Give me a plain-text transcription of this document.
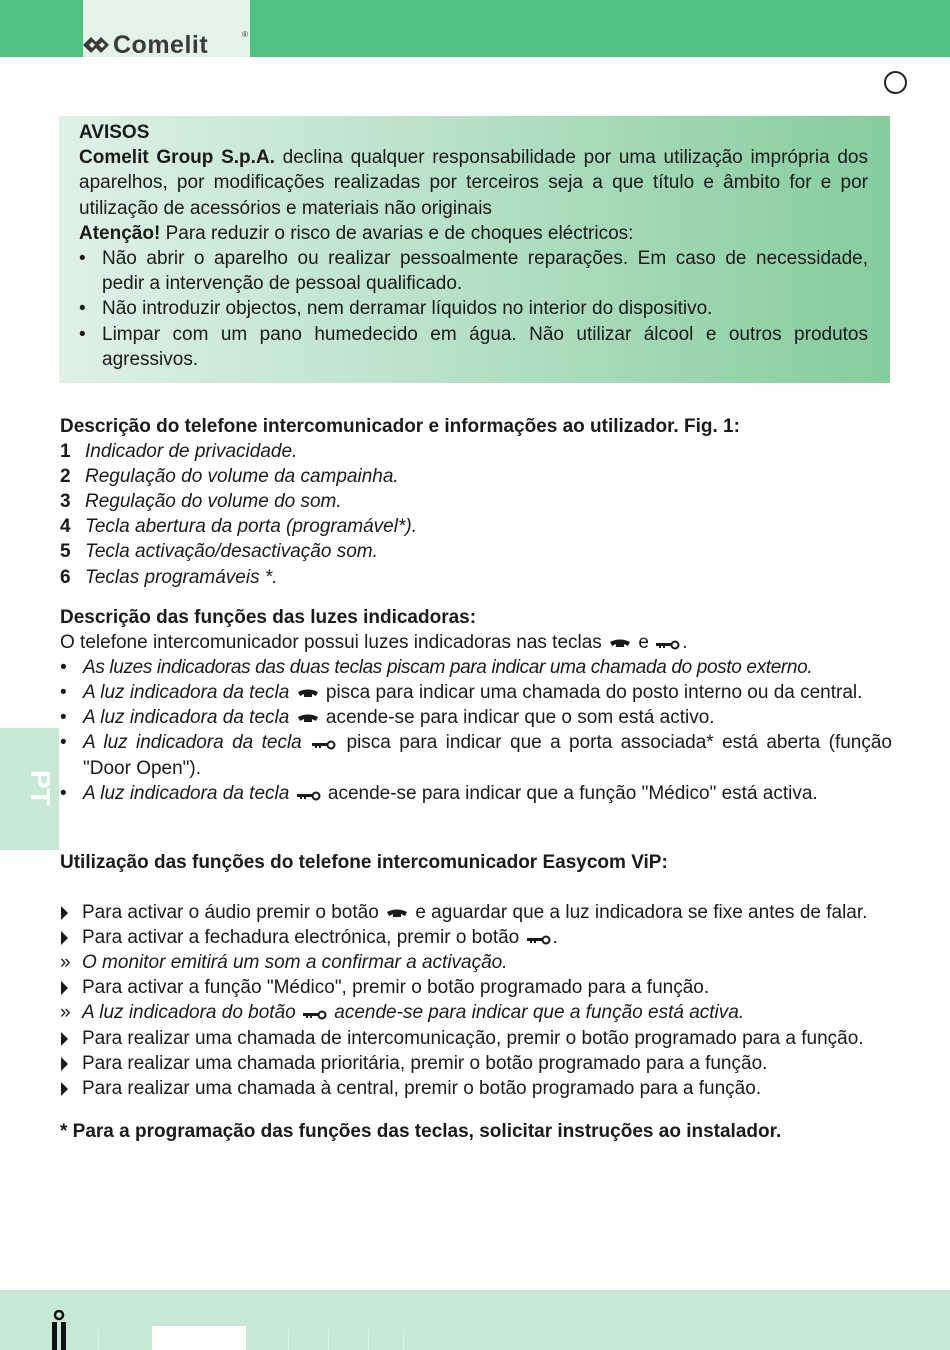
Comelit	®

AVISOS

Comelit Group S.p.A. declina qualquer responsabilidade por uma utilização imprópria dos aparelhos, por modificações realizadas por terceiros seja a que título e âmbito for e por utilização de acessórios e materiais não originais

Atenção! Para reduzir o risco de avarias e de choques eléctricos:

• Não abrir o aparelho ou realizar pessoalmente reparações. Em caso de necessidade, pedir a intervenção de pessoal qualificado.

• Não introduzir objectos, nem derramar líquidos no interior do dispositivo.

• Limpar com um pano humedecido em água. Não utilizar álcool e outros produtos agressivos.

Descrição do telefone intercomunicador e informações ao utilizador. Fig. 1:

1 Indicador de privacidade.

2 Regulação do volume da campainha.

3 Regulação do volume do som.

4 Tecla abertura da porta (programável*).

5 Tecla activação/desactivação som.

6 Teclas programáveis *.

Descrição das funções das luzes indicadoras:

O telefone intercomunicador possui luzes indicadoras nas teclas  e .

• As luzes indicadoras das duas teclas piscam para indicar uma chamada do posto externo.

• A luz indicadora da tecla  pisca para indicar uma chamada do posto interno ou da central.

• A luz indicadora da tecla  acende-se para indicar que o som está activo.

• A luz indicadora da tecla  pisca para indicar que a porta associada* está aberta (função "Door Open").

• A luz indicadora da tecla  acende-se para indicar que a função "Médico" está activa.

Utilização das funções do telefone intercomunicador Easycom ViP:

Para activar o áudio premir o botão  e aguardar que a luz indicadora se fixe antes de falar.

Para activar a fechadura electrónica, premir o botão .

» O monitor emitirá um som a confirmar a activação.

Para activar a função "Médico", premir o botão programado para a função.

» A luz indicadora do botão  acende-se para indicar que a função está activa.

Para realizar uma chamada de intercomunicação, premir o botão programado para a função.

Para realizar uma chamada prioritária, premir o botão programado para a função.

Para realizar uma chamada à central, premir o botão programado para a função.

* Para a programação das funções das teclas, solicitar instruções ao instalador.

PT
